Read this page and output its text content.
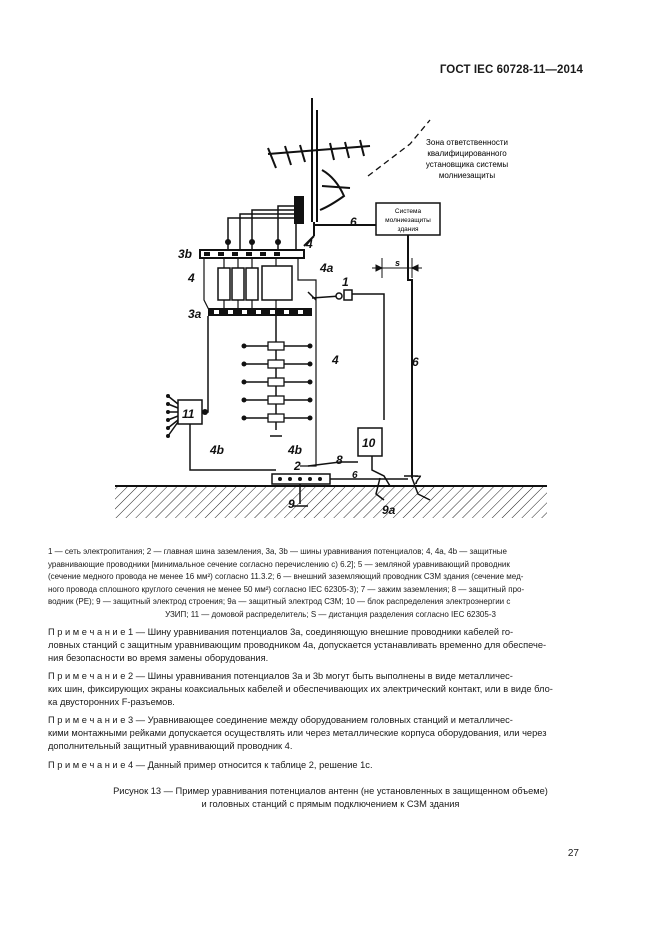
ГОСТ IEC 60728-11—2014
Зона ответственности
квалифицированного
установщика системы
молниезащиты
Система
молниезащиты
здания
3b
4
3а
4
4а
1
6
s
6
4
11
10
4b	4b
2	8
6	7
9	9а
1 — сеть электропитания; 2 — главная шина заземления, 3а, 3b — шины уравнивания потенциалов; 4, 4а, 4b — защитные
уравнивающие проводники [минимальное сечение согласно перечислению с) 6.2]; 5 — земляной уравнивающий проводник
(сечение медного провода не менее 16 мм²) согласно 11.3.2; 6 — внешний заземляющий проводник СЗМ здания (сечение мед-
ного провода сплошного круглого сечения не менее 50 мм²) согласно IEC 62305-3); 7 — зажим заземления; 8 — защитный про-
водник (PE); 9 — защитный электрод строения; 9а — защитный электрод СЗМ; 10 — блок распределения электроэнергии с
УЗИП; 11 — домовой распределитель; S — дистанция разделения согласно IEC 62305-3
П р и м е ч а н и е 1 — Шину уравнивания потенциалов 3а, соединяющую внешние проводники кабелей го-
ловных станций с защитным уравнивающим проводником 4а, допускается устанавливать временно для обеспече-
ния безопасности во время замены оборудования.
П р и м е ч а н и е 2 — Шины уравнивания потенциалов 3а и 3b могут быть выполнены в виде металличес-
ких шин, фиксирующих экраны коаксиальных кабелей и обеспечивающих их электрический контакт, или в виде бло-
ка двусторонних F-разъемов.
П р и м е ч а н и е 3 — Уравнивающее соединение между оборудованием головных станций и металличес-
кими монтажными рейками допускается осуществлять или через металлические корпуса оборудования, или через
дополнительный защитный уравнивающий проводник 4.
П р и м е ч а н и е 4 — Данный пример относится к таблице 2, решение 1с.
Рисунок 13 — Пример уравнивания потенциалов антенн (не установленных в защищенном объеме)
и головных станций с прямым подключением к СЗМ здания
27
